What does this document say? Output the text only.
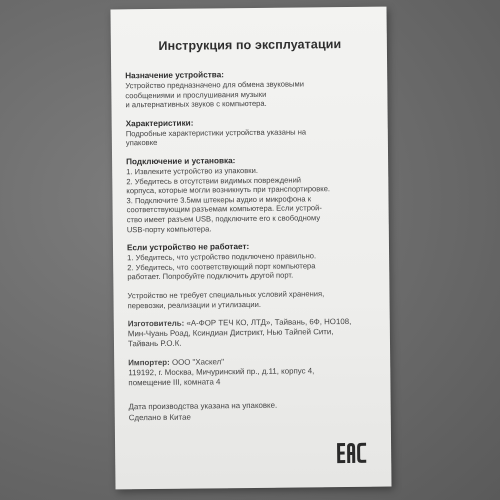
Инструкция по эксплуатации
Назначение устройства:
Устройство предназначено для обмена звуковыми
сообщениями и прослушивания музыки
и альтернативных звуков с компьютера.
Характеристики:
Подробные характеристики устройства указаны на
упаковке
Подключение и установка:
1. Извлеките устройство из упаковки.
2. Убедитесь в отсутствии видимых повреждений
корпуса, которые могли возникнуть при транспортировке.
3. Подключите 3.5мм штекеры аудио и микрофона к
соответствующим разъемам компьютера. Если устрой-
ство имеет разъем USB, подключите его к свободному
USB-порту компьютера.
Если устройство не работает:
1. Убедитесь, что устройство подключено правильно.
2. Убедитесь, что соответствующий порт компьютера
работает. Попробуйте подключить другой порт.
Устройство не требует специальных условий хранения,
перевозки, реализации и утилизации.
Изготовитель: «А-ФОР ТЕЧ КО, ЛТД», Тайвань, 6Ф, НО108,
Мин-Чуань Роад, Ксиндиан Дистрикт, Нью Тайпей Сити,
Тайвань Р.О.К.
Импортер: ООО "Хаскел"
119192, г. Москва, Мичуринский пр., д.11, корпус 4,
помещение III, комната 4
Дата производства указана на упаковке.
Сделано в Китае
